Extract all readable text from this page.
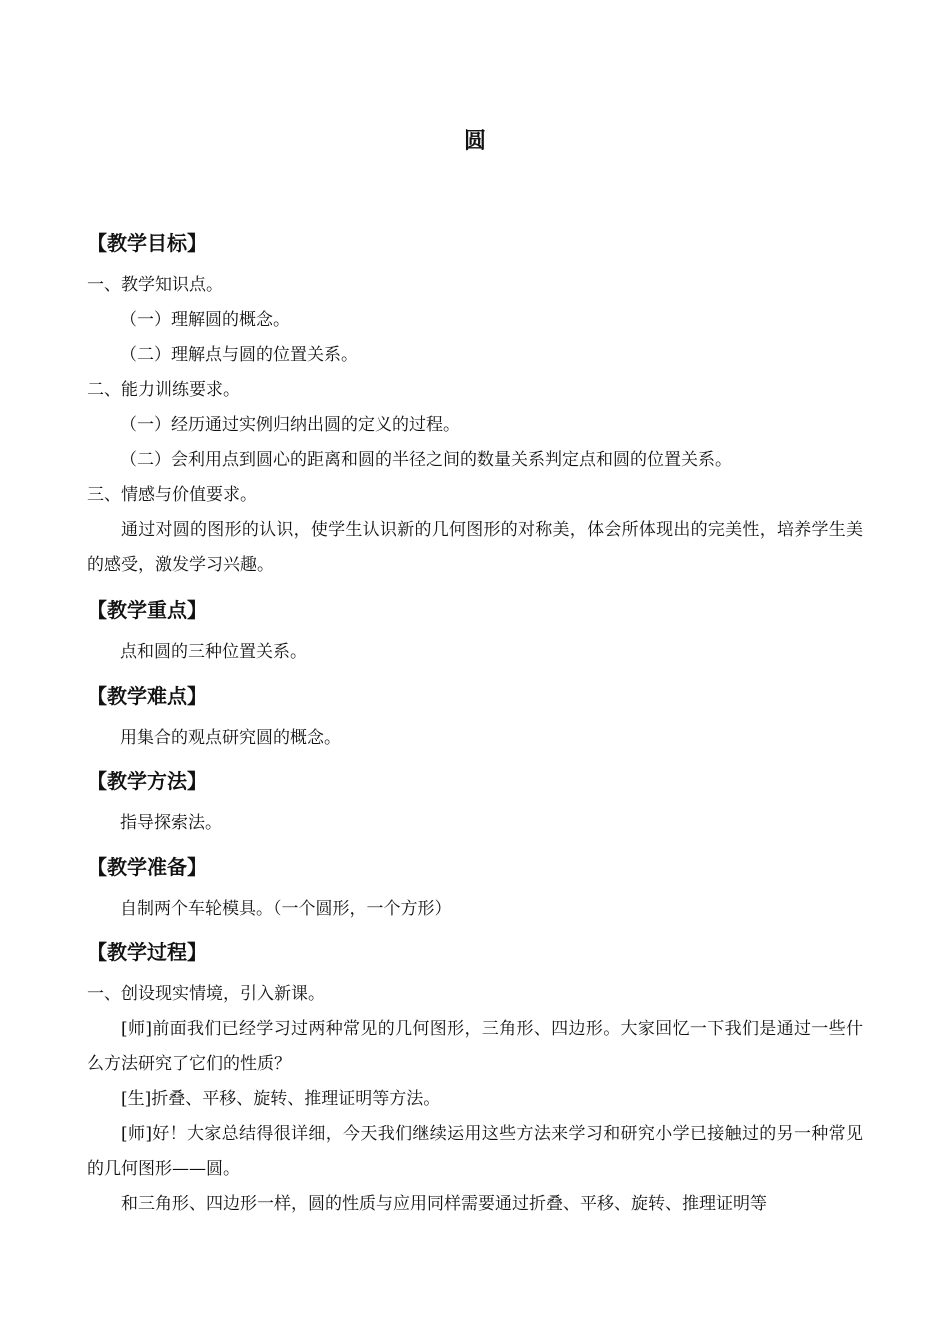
圆
【教学目标】
一、教学知识点。
（一）理解圆的概念。
（二）理解点与圆的位置关系。
二、能力训练要求。
（一）经历通过实例归纳出圆的定义的过程。
（二）会利用点到圆心的距离和圆的半径之间的数量关系判定点和圆的位置关系。
三、情感与价值要求。
通过对圆的图形的认识，使学生认识新的几何图形的对称美，体会所体现出的完美性，培养学生美的感受，激发学习兴趣。
【教学重点】
点和圆的三种位置关系。
【教学难点】
用集合的观点研究圆的概念。
【教学方法】
指导探索法。
【教学准备】
自制两个车轮模具。（一个圆形，一个方形）
【教学过程】
一、创设现实情境，引入新课。
[师]前面我们已经学习过两种常见的几何图形，三角形、四边形。大家回忆一下我们是通过一些什么方法研究了它们的性质？
[生]折叠、平移、旋转、推理证明等方法。
[师]好！大家总结得很详细，今天我们继续运用这些方法来学习和研究小学已接触过的另一种常见的几何图形——圆。
和三角形、四边形一样，圆的性质与应用同样需要通过折叠、平移、旋转、推理证明等
